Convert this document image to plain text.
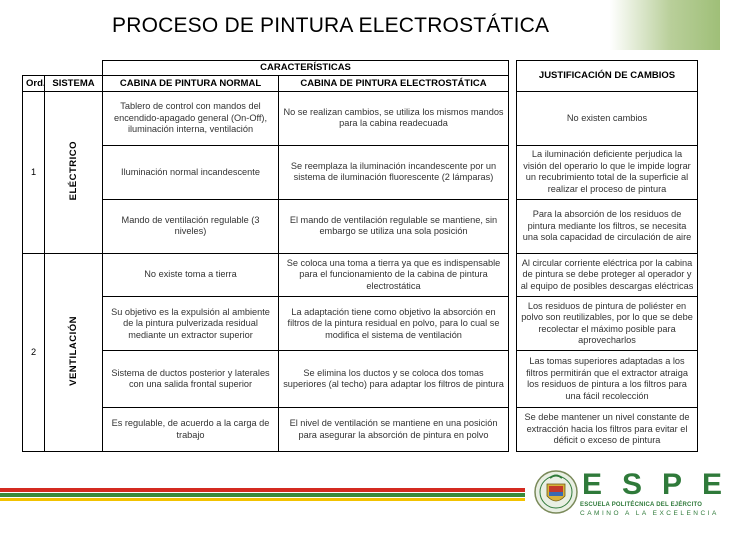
PROCESO DE PINTURA ELECTROSTÁTICA
		CARACTERÍSTICAS			JUSTIFICACIÓN DE CAMBIOS
Ord.	SISTEMA	CABINA DE PINTURA NORMAL	CABINA DE PINTURA ELECTROSTÁTICA		
1	ELÉCTRICO	Tablero de control con mandos del encendido-apagado general (On-Off), iluminación interna, ventilación	No se realizan cambios, se utiliza los mismos mandos para la cabina readecuada		No existen cambios
		Iluminación normal incandescente	Se reemplaza la iluminación incandescente por un sistema de iluminación fluorescente (2 lámparas)		La iluminación deficiente perjudica la visión del operario lo que le impide lograr un recubrimiento total de la superficie al realizar el proceso de pintura
		Mando de ventilación regulable (3 niveles)	El mando de ventilación regulable se mantiene, sin embargo se utiliza una sola posición		Para la absorción de los residuos de pintura mediante los filtros, se necesita una sola capacidad de circulación de aire
2	VENTILACIÓN	No existe toma a tierra	Se coloca una toma a tierra ya que es indispensable para el funcionamiento de la cabina de pintura electrostática		Al circular corriente eléctrica por la cabina de pintura se debe proteger al operador y al equipo de posibles descargas eléctricas
		Su objetivo es la expulsión al ambiente de la pintura pulverizada residual mediante un extractor superior	La adaptación tiene como objetivo la absorción en filtros de la pintura residual en polvo, para lo cual se modifica el sistema de ventilación		Los residuos de pintura de poliéster en polvo son reutilizables, por lo que se debe recolectar el máximo posible para aprovecharlos
		Sistema de ductos posterior y laterales con una salida frontal superior	Se elimina los ductos y se coloca dos tomas superiores (al techo) para adaptar los filtros de pintura		Las tomas superiores adaptadas a los filtros permitirán que el extractor atraiga los residuos de pintura a los filtros para una fácil recolección
		Es regulable, de acuerdo a la carga de trabajo	El nivel de ventilación se mantiene en una posición para asegurar la absorción de pintura en polvo		Se debe mantener un nivel constante de extracción hacia los filtros para evitar el déficit o exceso de pintura
ESPE
ESCUELA POLITÉCNICA DEL EJÉRCITO
CAMINO A LA EXCELENCIA
